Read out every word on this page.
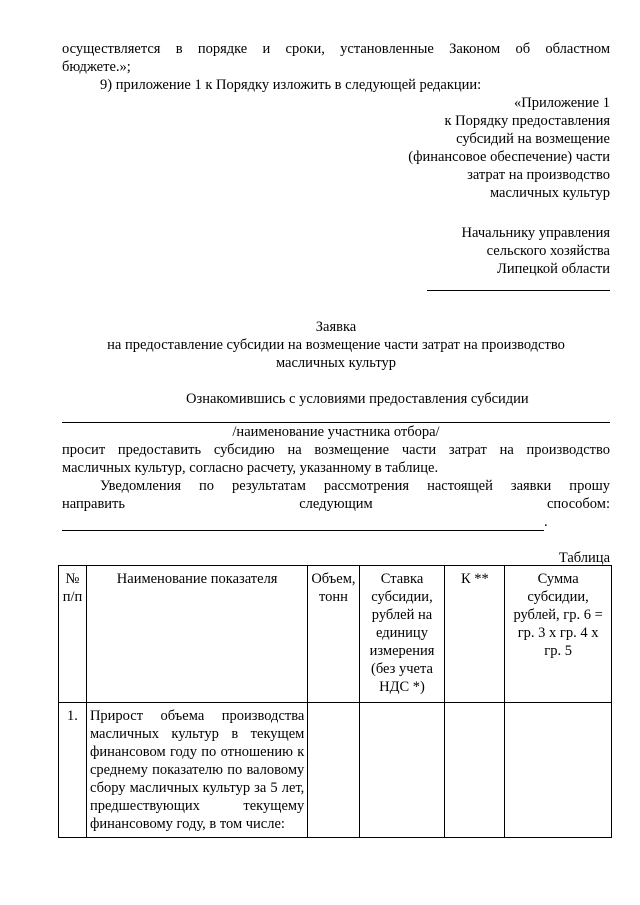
осуществляется в порядке и сроки, установленные Законом об областном

бюджете.»;

9) приложение 1 к Порядку изложить в следующей редакции:

«Приложение 1
к Порядку предоставления
субсидий на возмещение
(финансовое обеспечение) части
затрат на производство
масличных культур
Начальнику управления
сельского хозяйства
Липецкой области
Заявка
на предоставление субсидии на возмещение части затрат на производство
масличных культур

Ознакомившись с условиями предоставления субсидии

/наименование участника отбора/

просит предоставить субсидию на возмещение части затрат на производство

масличных культур, согласно расчету, указанному в таблице.

Уведомления по результатам рассмотрения настоящей заявки прошу

направить	следующим	способом:
.

Таблица

№ п/п	Наименование показателя	Объем, тонн	Ставка субсидии, рублей на единицу измерения (без учета НДС *)	К **	Сумма субсидии, рублей, гр. 6 = гр. 3 x гр. 4 x гр. 5
1.	Прирост объема производства масличных культур в текущем финансовом году по отношению к среднему показателю по валовому сбору масличных культур за 5 лет, предшествующих текущему финансовому году, в том числе:				
